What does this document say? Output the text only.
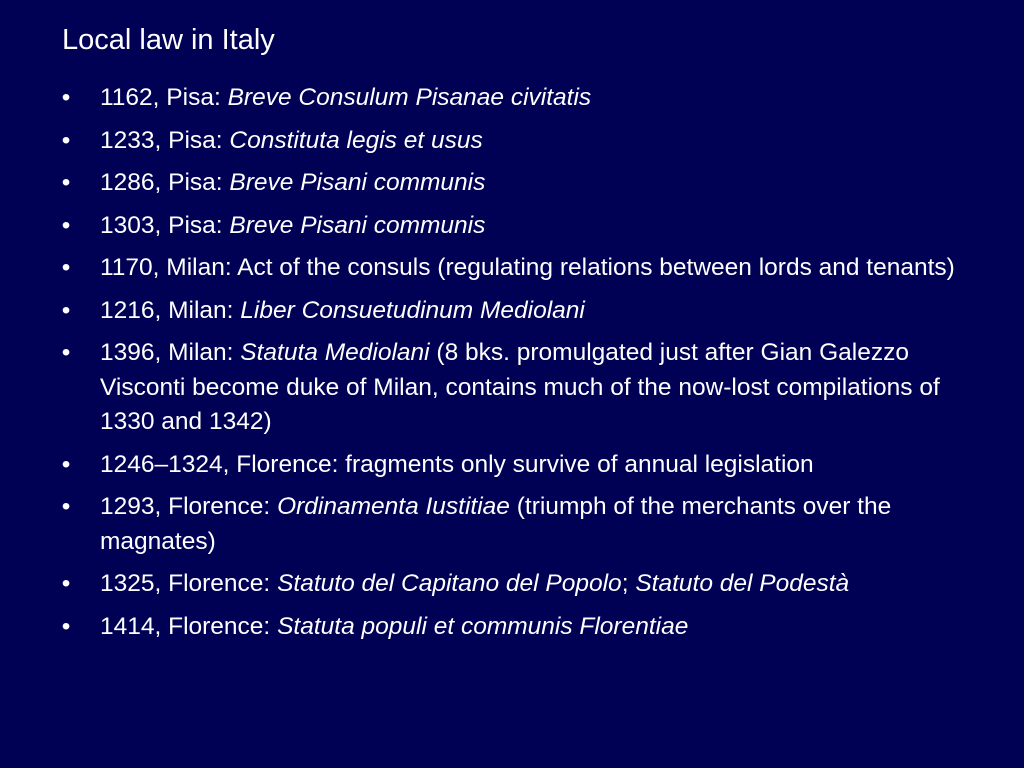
Local law in Italy
• 1162, Pisa: Breve Consulum Pisanae civitatis
• 1233, Pisa: Constituta legis et usus
• 1286, Pisa: Breve Pisani communis
• 1303, Pisa: Breve Pisani communis
• 1170, Milan: Act of the consuls (regulating relations between lords and tenants)
• 1216, Milan: Liber Consuetudinum Mediolani
• 1396, Milan: Statuta Mediolani (8 bks. promulgated just after Gian Galezzo Visconti become duke of Milan, contains much of the now-lost compilations of 1330 and 1342)
• 1246–1324, Florence: fragments only survive of annual legislation
• 1293, Florence: Ordinamenta Iustitiae (triumph of the merchants over the magnates)
• 1325, Florence: Statuto del Capitano del Popolo; Statuto del Podestà
• 1414, Florence: Statuta populi et communis Florentiae
